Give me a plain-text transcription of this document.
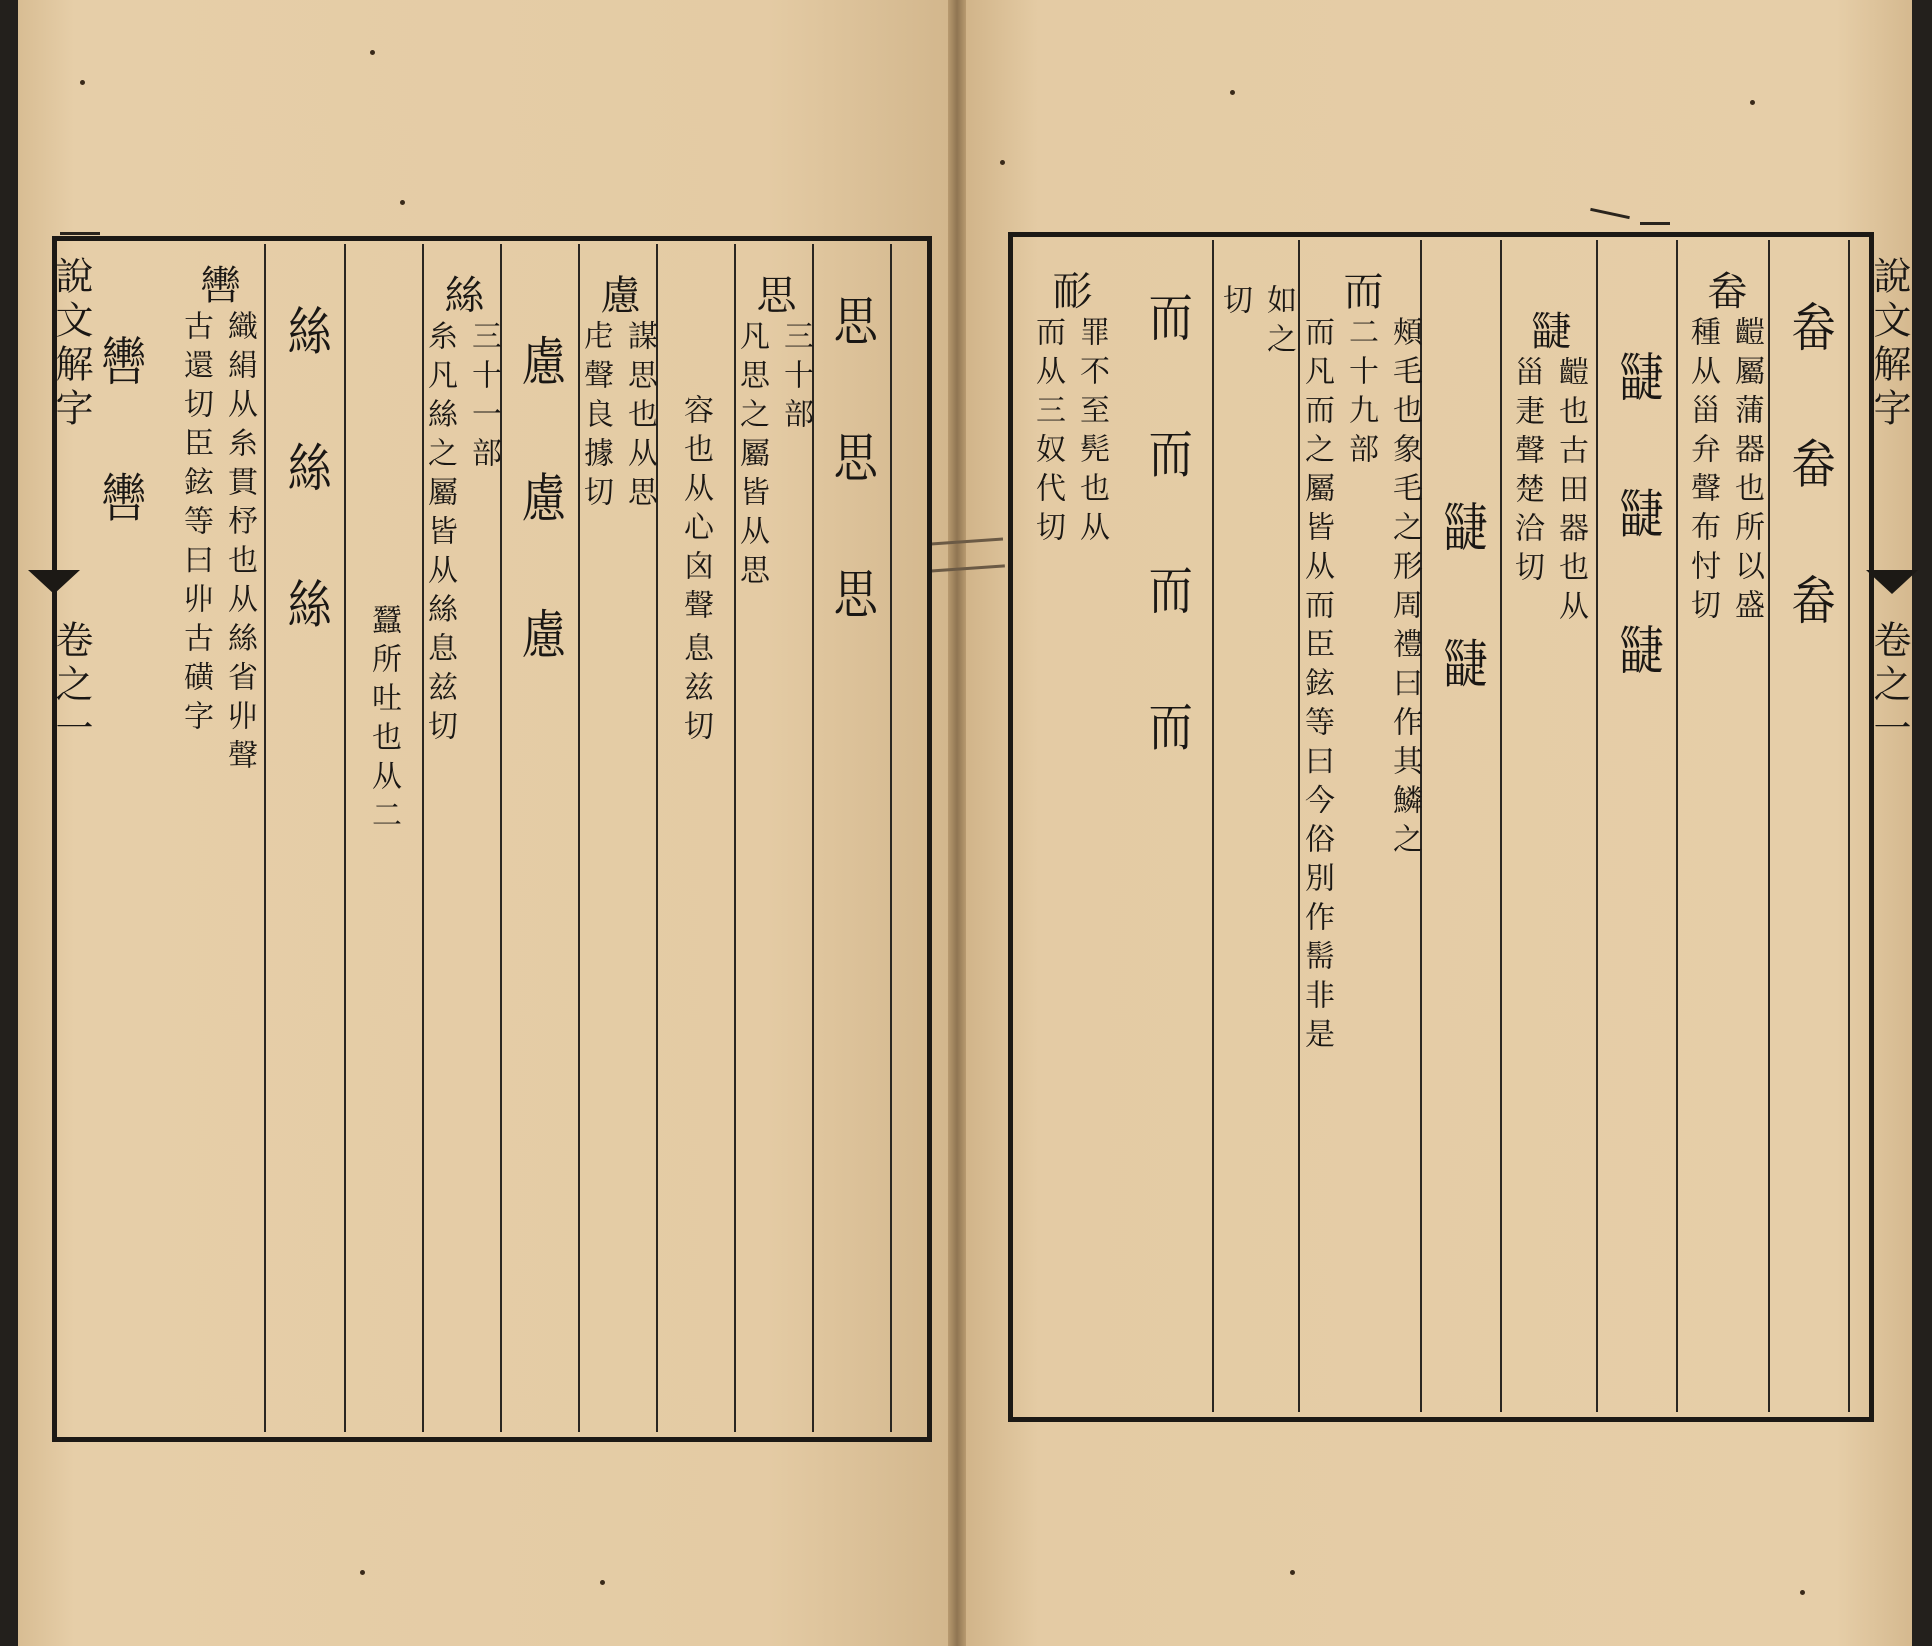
說文解字
卷之一
思 思 思
思
三十部
凡思之屬皆从思
容也从心囟聲
息兹切
慮
謀思也从思
虍聲良據切
慮 慮 慮
絲
三十一部
糸凡絲之屬皆从絲息兹切
蠶所吐也从二
絲 絲 絲
轡
織絹从糸貫杼也从絲省丱聲
古還切臣鉉等曰丱古磺字
轡 轡	說文解字
卷之一
畚 畚 畚
畚
䶣屬蒲器也所以盛
種从甾弁聲布忖切
疀 疀 疀
疀
䶣也古田器也从
甾疌聲楚洽切
疀 疀
而
頰毛也象毛之形周禮曰作其鱗之
二十九部
而凡而之屬皆从而臣鉉等曰今俗別作髵非是
如之
切
而 而 而 而
耏
罪不至髡也从
而从三奴代切
